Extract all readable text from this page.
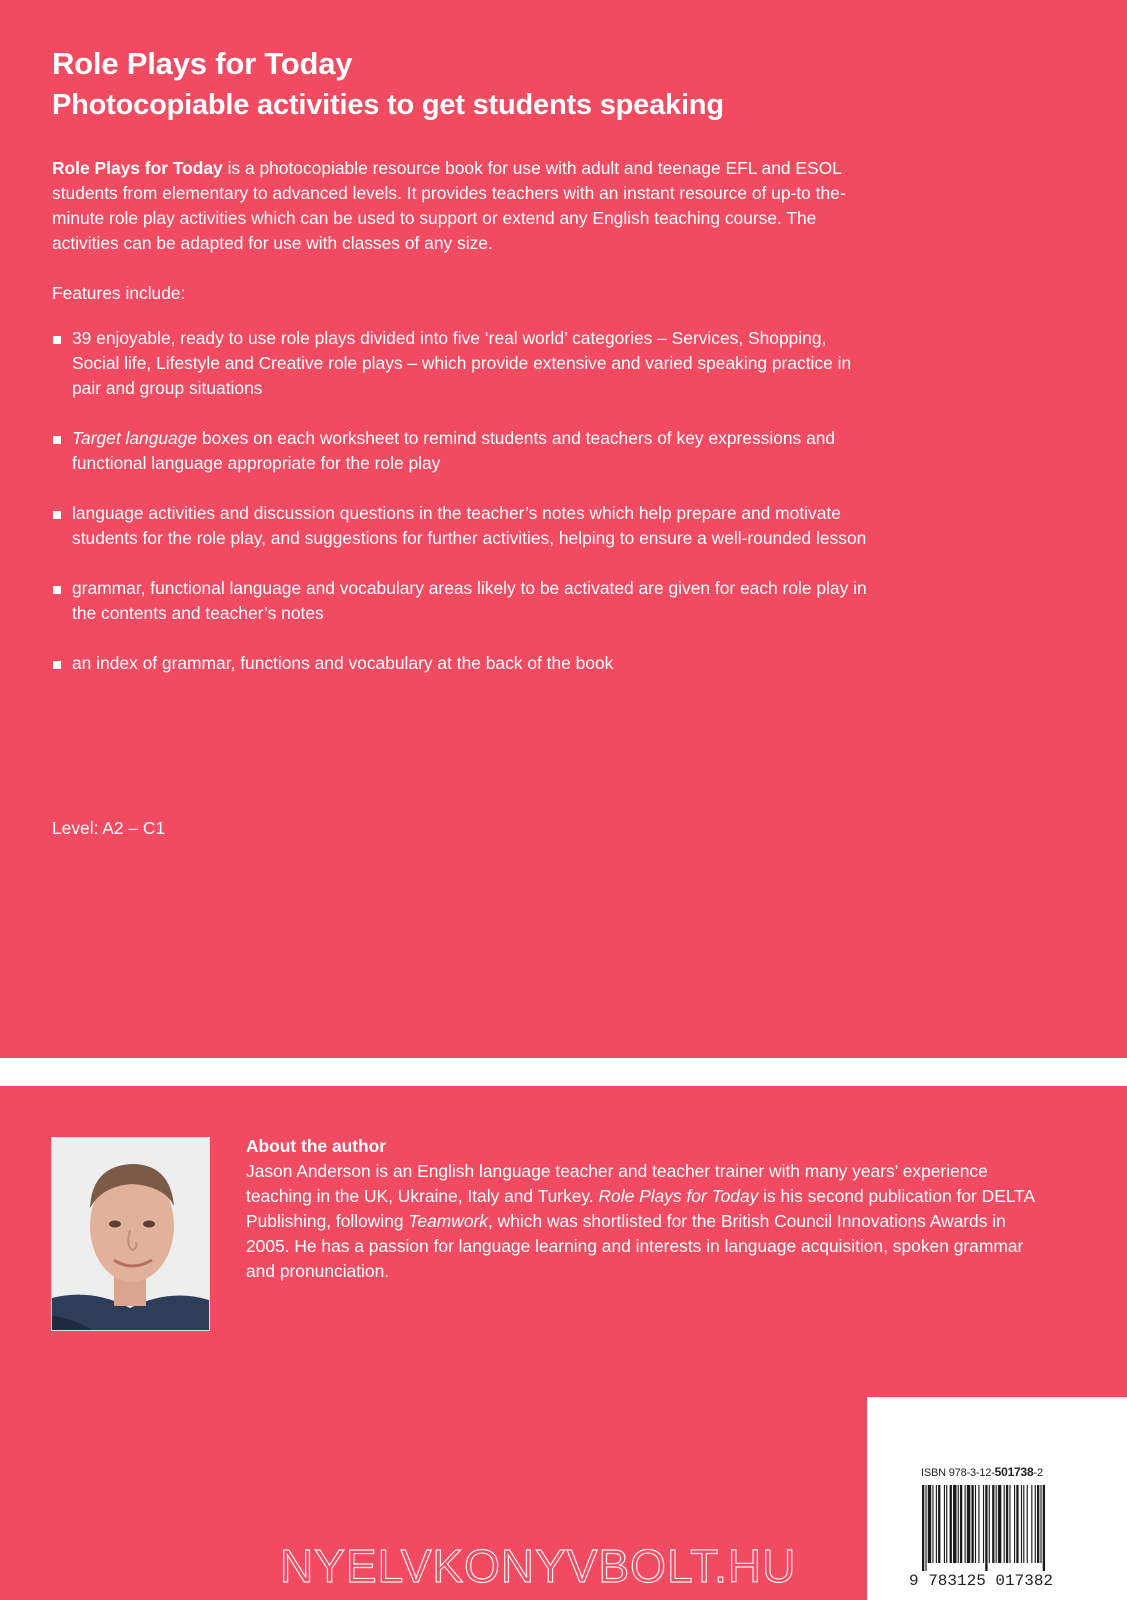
Role Plays for Today
Photocopiable activities to get students speaking

Role Plays for Today is a photocopiable resource book for use with adult and teenage EFL and ESOL students from elementary to advanced levels. It provides teachers with an instant resource of up-to the-minute role play activities which can be used to support or extend any English teaching course. The activities can be adapted for use with classes of any size.

Features include:
39 enjoyable, ready to use role plays divided into five ‘real world’ categories – Services, Shopping, Social life, Lifestyle and Creative role plays – which provide extensive and varied speaking practice in pair and group situations
Target language boxes on each worksheet to remind students and teachers of key expressions and functional language appropriate for the role play
language activities and discussion questions in the teacher’s notes which help prepare and motivate students for the role play, and suggestions for further activities, helping to ensure a well-rounded lesson
grammar, functional language and vocabulary areas likely to be activated are given for each role play in the contents and teacher’s notes
an index of grammar, functions and vocabulary at the back of the book
Level: A2 – C1
About the author
Jason Anderson is an English language teacher and teacher trainer with many years’ experience teaching in the UK, Ukraine, Italy and Turkey. Role Plays for Today is his second publication for DELTA Publishing, following Teamwork, which was shortlisted for the British Council Innovations Awards in 2005. He has a passion for language learning and interests in language acquisition, spoken grammar and pronunciation.
ISBN 978-3-12-501738-2
9 783125 017382
NYELVKONYVBOLT.HU
